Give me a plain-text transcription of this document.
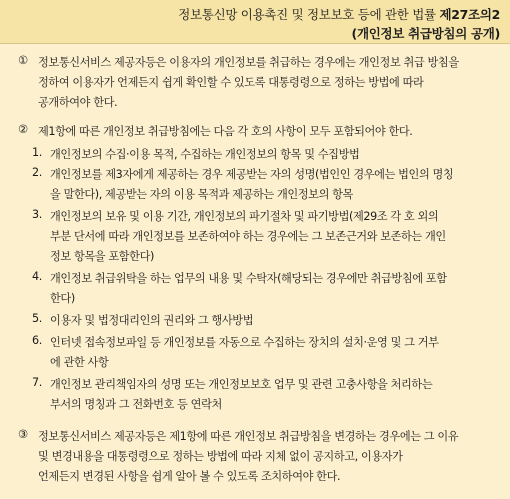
정보통신망 이용촉진 및 정보보호 등에 관한 법률 제27조의2
(개인정보 취급방침의 공개)
① 정보통신서비스 제공자등은 이용자의 개인정보를 취급하는 경우에는 개인정보 취급 방침을
정하여 이용자가 언제든지 쉽게 확인할 수 있도록 대통령령으로 정하는 방법에 따라
공개하여야 한다.
② 제1항에 따른 개인정보 취급방침에는 다음 각 호의 사항이 모두 포함되어야 한다.
1. 개인정보의 수집·이용 목적, 수집하는 개인정보의 항목 및 수집방법
2. 개인정보를 제3자에게 제공하는 경우 제공받는 자의 성명(법인인 경우에는 법인의 명칭
을 말한다), 제공받는 자의 이용 목적과 제공하는 개인정보의 항목
3. 개인정보의 보유 및 이용 기간, 개인정보의 파기절차 및 파기방법(제29조 각 호 외의
부분 단서에 따라 개인정보를 보존하여야 하는 경우에는 그 보존근거와 보존하는 개인
정보 항목을 포함한다)
4. 개인정보 취급위탁을 하는 업무의 내용 및 수탁자(해당되는 경우에만 취급방침에 포함
한다)
5. 이용자 및 법정대리인의 권리와 그 행사방법
6. 인터넷 접속정보파일 등 개인정보를 자동으로 수집하는 장치의 설치·운영 및 그 거부
에 관한 사항
7. 개인정보 관리책임자의 성명 또는 개인정보보호 업무 및 관련 고충사항을 처리하는
부서의 명칭과 그 전화번호 등 연락처
③ 정보통신서비스 제공자등은 제1항에 따른 개인정보 취급방침을 변경하는 경우에는 그 이유
및 변경내용을 대통령령으로 정하는 방법에 따라 지체 없이 공지하고, 이용자가
언제든지 변경된 사항을 쉽게 알아 볼 수 있도록 조치하여야 한다.
